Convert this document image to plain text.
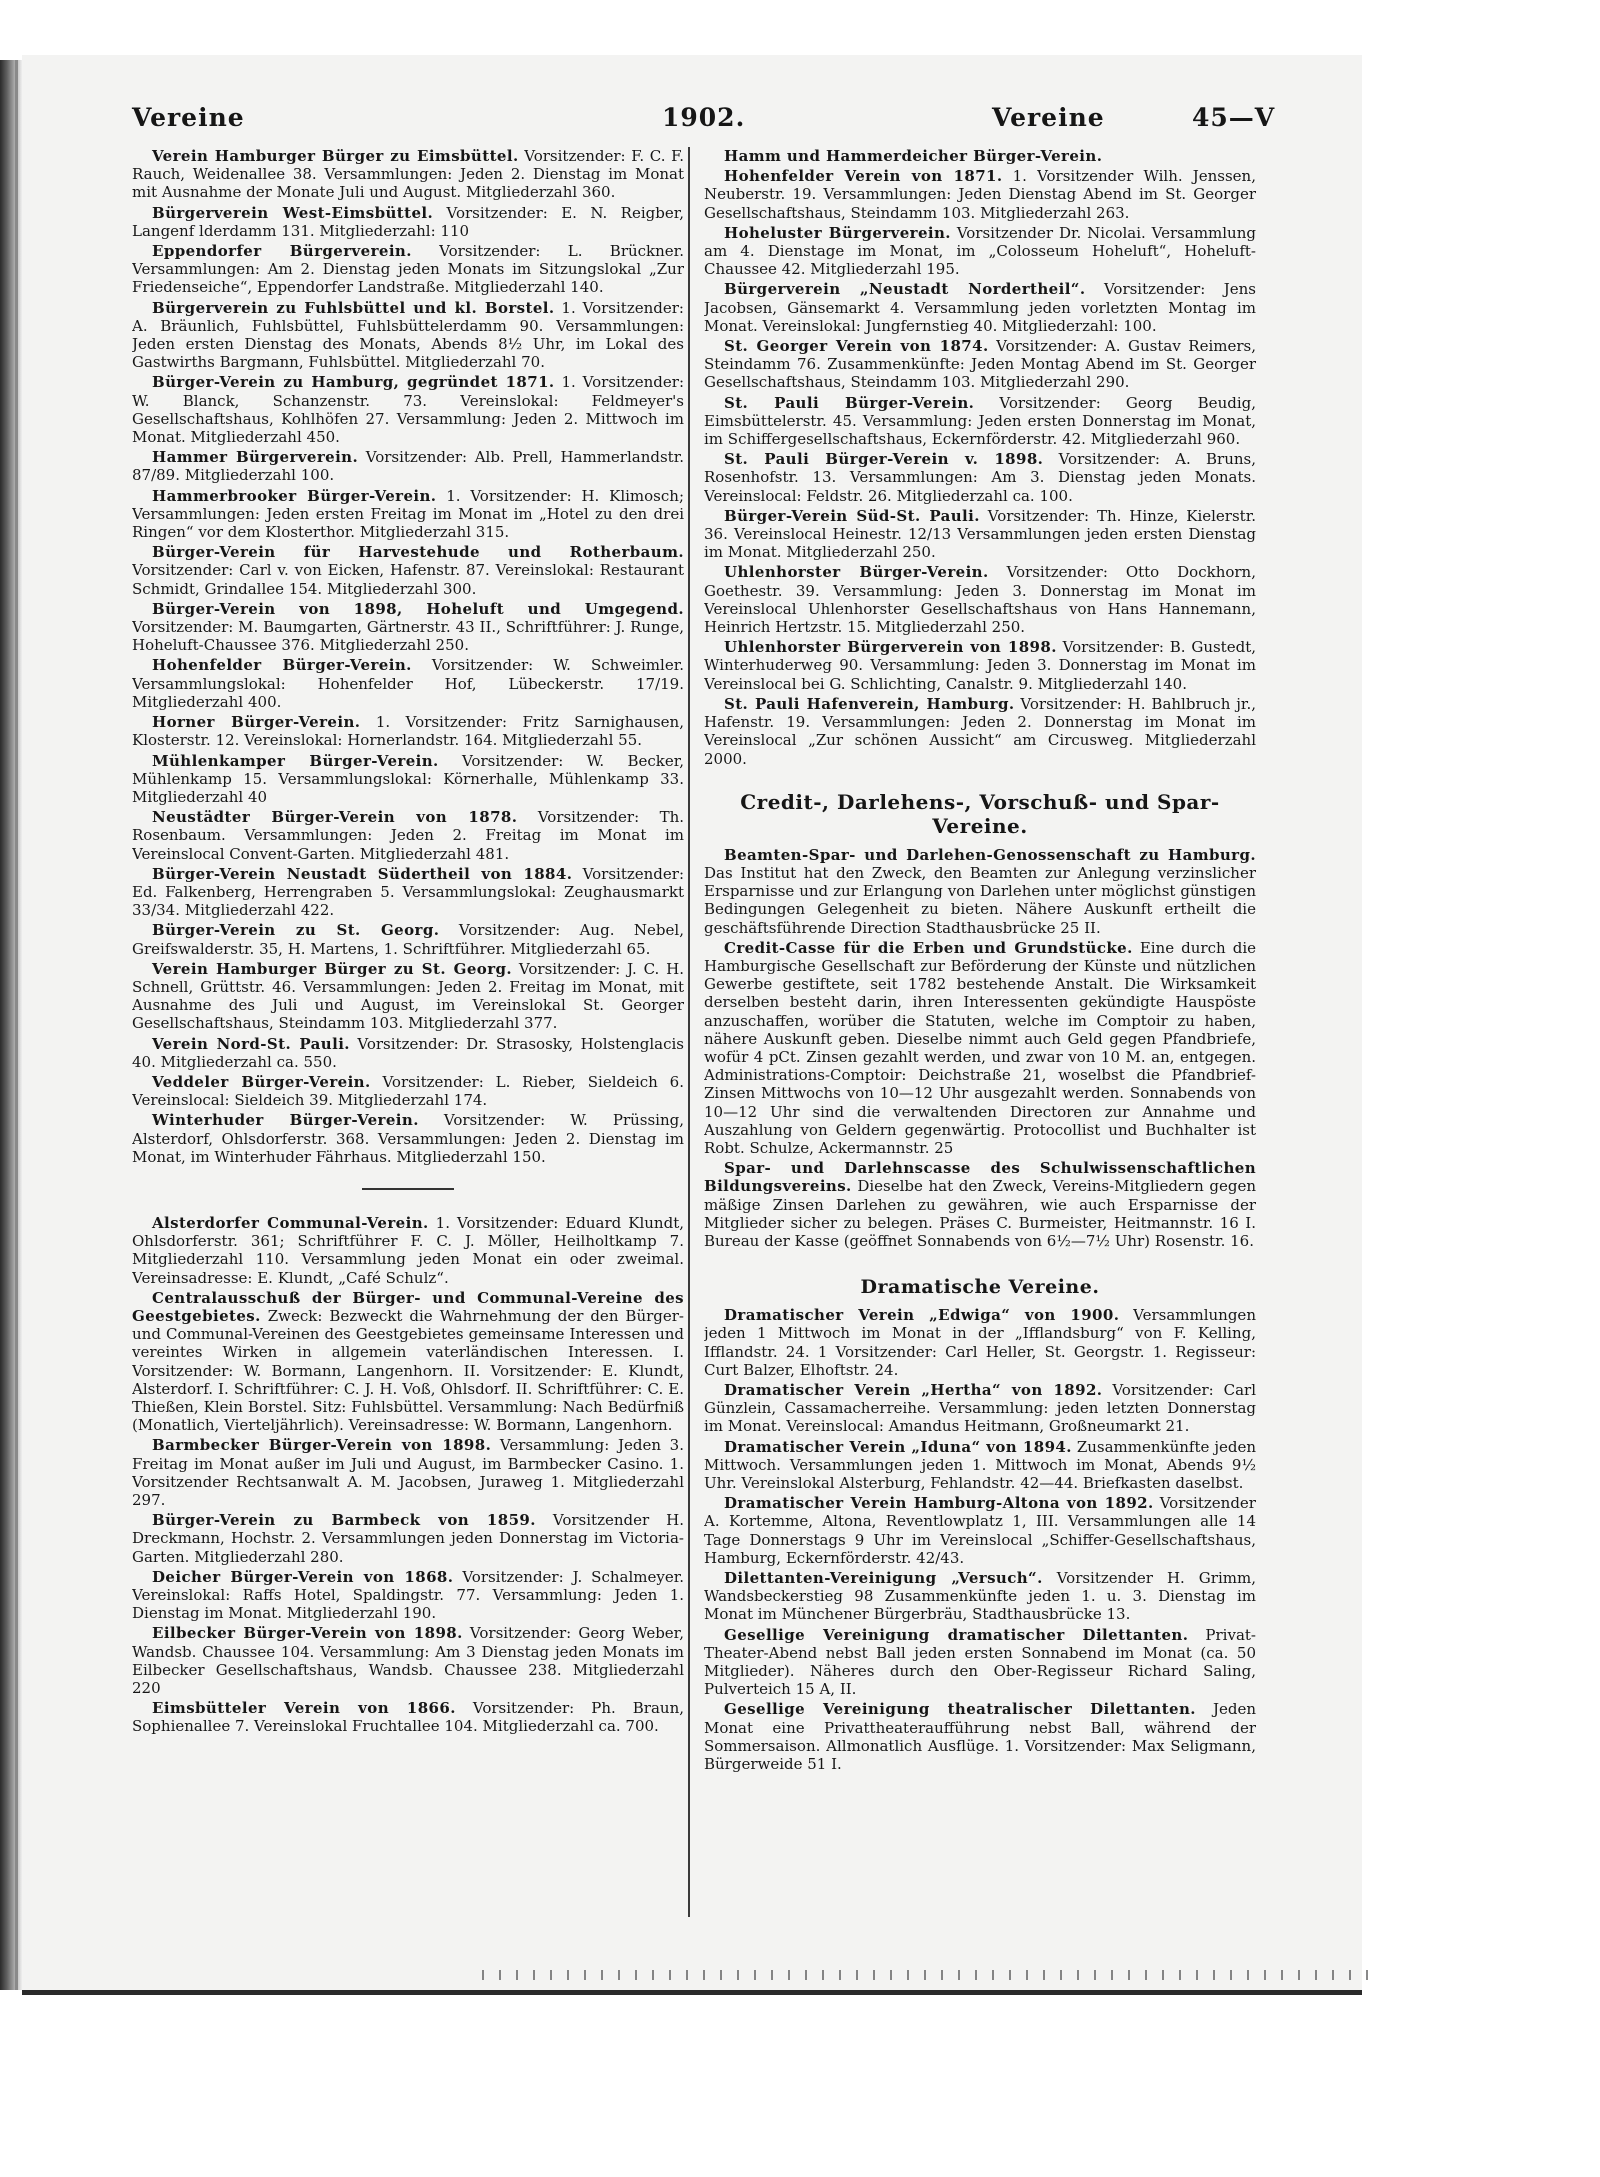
Vereine	1902.	Vereine	45—V

Verein Hamburger Bürger zu Eimsbüttel. Vorsitzender: F. C. F. Rauch, Weidenallee 38. Versammlungen: Jeden 2. Dienstag im Monat mit Ausnahme der Monate Juli und August. Mitgliederzahl 360.

Bürgerverein West-Eimsbüttel. Vorsitzender: E. N. Reigber, Langenf lderdamm 131. Mitgliederzahl: 110

Eppendorfer Bürgerverein. Vorsitzender: L. Brückner. Versammlungen: Am 2. Dienstag jeden Monats im Sitzungslokal „Zur Friedenseiche“, Eppendorfer Landstraße. Mitgliederzahl 140.

Bürgerverein zu Fuhlsbüttel und kl. Borstel. 1. Vorsitzender: A. Bräunlich, Fuhlsbüttel, Fuhlsbüttelerdamm 90. Versammlungen: Jeden ersten Dienstag des Monats, Abends 8½ Uhr, im Lokal des Gastwirths Bargmann, Fuhlsbüttel. Mitgliederzahl 70.

Bürger-Verein zu Hamburg, gegründet 1871. 1. Vorsitzender: W. Blanck, Schanzenstr. 73. Vereinslokal: Feldmeyer's Gesellschaftshaus, Kohlhöfen 27. Versammlung: Jeden 2. Mittwoch im Monat. Mitgliederzahl 450.

Hammer Bürgerverein. Vorsitzender: Alb. Prell, Hammerlandstr. 87/89. Mitgliederzahl 100.

Hammerbrooker Bürger-Verein. 1. Vorsitzender: H. Klimosch; Versammlungen: Jeden ersten Freitag im Monat im „Hotel zu den drei Ringen“ vor dem Klosterthor. Mitgliederzahl 315.

Bürger-Verein für Harvestehude und Rotherbaum. Vorsitzender: Carl v. von Eicken, Hafenstr. 87. Vereinslokal: Restaurant Schmidt, Grindallee 154. Mitgliederzahl 300.

Bürger-Verein von 1898, Hoheluft und Umgegend. Vorsitzender: M. Baumgarten, Gärtnerstr. 43 II., Schriftführer: J. Runge, Hoheluft-Chaussee 376. Mitgliederzahl 250.

Hohenfelder Bürger-Verein. Vorsitzender: W. Schweimler. Versammlungslokal: Hohenfelder Hof, Lübeckerstr. 17/19. Mitgliederzahl 400.

Horner Bürger-Verein. 1. Vorsitzender: Fritz Sarnighausen, Klosterstr. 12. Vereinslokal: Hornerlandstr. 164. Mitgliederzahl 55.

Mühlenkamper Bürger-Verein. Vorsitzender: W. Becker, Mühlenkamp 15. Versammlungslokal: Körnerhalle, Mühlenkamp 33. Mitgliederzahl 40

Neustädter Bürger-Verein von 1878. Vorsitzender: Th. Rosenbaum. Versammlungen: Jeden 2. Freitag im Monat im Vereinslocal Convent-Garten. Mitgliederzahl 481.

Bürger-Verein Neustadt Südertheil von 1884. Vorsitzender: Ed. Falkenberg, Herrengraben 5. Versammlungslokal: Zeughausmarkt 33/34. Mitgliederzahl 422.

Bürger-Verein zu St. Georg. Vorsitzender: Aug. Nebel, Greifswalderstr. 35, H. Martens, 1. Schriftführer. Mitgliederzahl 65.

Verein Hamburger Bürger zu St. Georg. Vorsitzender: J. C. H. Schnell, Grüttstr. 46. Versammlungen: Jeden 2. Freitag im Monat, mit Ausnahme des Juli und August, im Vereinslokal St. Georger Gesellschaftshaus, Steindamm 103. Mitgliederzahl 377.

Verein Nord-St. Pauli. Vorsitzender: Dr. Strasosky, Holstenglacis 40. Mitgliederzahl ca. 550.

Veddeler Bürger-Verein. Vorsitzender: L. Rieber, Sieldeich 6. Vereinslocal: Sieldeich 39. Mitgliederzahl 174.

Winterhuder Bürger-Verein. Vorsitzender: W. Prüssing, Alsterdorf, Ohlsdorferstr. 368. Versammlungen: Jeden 2. Dienstag im Monat, im Winterhuder Fährhaus. Mitgliederzahl 150.

Alsterdorfer Communal-Verein. 1. Vorsitzender: Eduard Klundt, Ohlsdorferstr. 361; Schriftführer F. C. J. Möller, Heilholtkamp 7. Mitgliederzahl 110. Versammlung jeden Monat ein oder zweimal. Vereinsadresse: E. Klundt, „Café Schulz“.

Centralausschuß der Bürger- und Communal-Vereine des Geestgebietes. Zweck: Bezweckt die Wahrnehmung der den Bürger- und Communal-Vereinen des Geestgebietes gemeinsame Interessen und vereintes Wirken in allgemein vaterländischen Interessen. I. Vorsitzender: W. Bormann, Langenhorn. II. Vorsitzender: E. Klundt, Alsterdorf. I. Schriftführer: C. J. H. Voß, Ohlsdorf. II. Schriftführer: C. E. Thießen, Klein Borstel. Sitz: Fuhlsbüttel. Versammlung: Nach Bedürfniß (Monatlich, Vierteljährlich). Vereinsadresse: W. Bormann, Langenhorn.

Barmbecker Bürger-Verein von 1898. Versammlung: Jeden 3. Freitag im Monat außer im Juli und August, im Barmbecker Casino. 1. Vorsitzender Rechtsanwalt A. M. Jacobsen, Juraweg 1. Mitgliederzahl 297.

Bürger-Verein zu Barmbeck von 1859. Vorsitzender H. Dreckmann, Hochstr. 2. Versammlungen jeden Donnerstag im Victoria-Garten. Mitgliederzahl 280.

Deicher Bürger-Verein von 1868. Vorsitzender: J. Schalmeyer. Vereinslokal: Raffs Hotel, Spaldingstr. 77. Versammlung: Jeden 1. Dienstag im Monat. Mitgliederzahl 190.

Eilbecker Bürger-Verein von 1898. Vorsitzender: Georg Weber, Wandsb. Chaussee 104. Versammlung: Am 3 Dienstag jeden Monats im Eilbecker Gesellschaftshaus, Wandsb. Chaussee 238. Mitgliederzahl 220

Eimsbütteler Verein von 1866. Vorsitzender: Ph. Braun, Sophienallee 7. Vereinslokal Fruchtallee 104. Mitgliederzahl ca. 700.

Hamm und Hammerdeicher Bürger-Verein.

Hohenfelder Verein von 1871. 1. Vorsitzender Wilh. Jenssen, Neuberstr. 19. Versammlungen: Jeden Dienstag Abend im St. Georger Gesellschaftshaus, Steindamm 103. Mitgliederzahl 263.

Hoheluster Bürgerverein. Vorsitzender Dr. Nicolai. Versammlung am 4. Dienstage im Monat, im „Colosseum Hoheluft“, Hoheluft-Chaussee 42. Mitgliederzahl 195.

Bürgerverein „Neustadt Nordertheil“. Vorsitzender: Jens Jacobsen, Gänsemarkt 4. Versammlung jeden vorletzten Montag im Monat. Vereinslokal: Jungfernstieg 40. Mitgliederzahl: 100.

St. Georger Verein von 1874. Vorsitzender: A. Gustav Reimers, Steindamm 76. Zusammenkünfte: Jeden Montag Abend im St. Georger Gesellschaftshaus, Steindamm 103. Mitgliederzahl 290.

St. Pauli Bürger-Verein. Vorsitzender: Georg Beudig, Eimsbüttelerstr. 45. Versammlung: Jeden ersten Donnerstag im Monat, im Schiffergesellschaftshaus, Eckernförderstr. 42. Mitgliederzahl 960.

St. Pauli Bürger-Verein v. 1898. Vorsitzender: A. Bruns, Rosenhofstr. 13. Versammlungen: Am 3. Dienstag jeden Monats. Vereinslocal: Feldstr. 26. Mitgliederzahl ca. 100.

Bürger-Verein Süd-St. Pauli. Vorsitzender: Th. Hinze, Kielerstr. 36. Vereinslocal Heinestr. 12/13 Versammlungen jeden ersten Dienstag im Monat. Mitgliederzahl 250.

Uhlenhorster Bürger-Verein. Vorsitzender: Otto Dockhorn, Goethestr. 39. Versammlung: Jeden 3. Donnerstag im Monat im Vereinslocal Uhlenhorster Gesellschaftshaus von Hans Hannemann, Heinrich Hertzstr. 15. Mitgliederzahl 250.

Uhlenhorster Bürgerverein von 1898. Vorsitzender: B. Gustedt, Winterhuderweg 90. Versammlung: Jeden 3. Donnerstag im Monat im Vereinslocal bei G. Schlichting, Canalstr. 9. Mitgliederzahl 140.

St. Pauli Hafenverein, Hamburg. Vorsitzender: H. Bahlbruch jr., Hafenstr. 19. Versammlungen: Jeden 2. Donnerstag im Monat im Vereinslocal „Zur schönen Aussicht“ am Circusweg. Mitgliederzahl 2000.

Credit-, Darlehens-, Vorschuß- und Spar-Vereine.

Beamten-Spar- und Darlehen-Genossenschaft zu Hamburg. Das Institut hat den Zweck, den Beamten zur Anlegung verzinslicher Ersparnisse und zur Erlangung von Darlehen unter möglichst günstigen Bedingungen Gelegenheit zu bieten. Nähere Auskunft ertheilt die geschäftsführende Direction Stadthausbrücke 25 II.

Credit-Casse für die Erben und Grundstücke. Eine durch die Hamburgische Gesellschaft zur Beförderung der Künste und nützlichen Gewerbe gestiftete, seit 1782 bestehende Anstalt. Die Wirksamkeit derselben besteht darin, ihren Interessenten gekündigte Hauspöste anzuschaffen, worüber die Statuten, welche im Comptoir zu haben, nähere Auskunft geben. Dieselbe nimmt auch Geld gegen Pfandbriefe, wofür 4 pCt. Zinsen gezahlt werden, und zwar von 10 M. an, entgegen. Administrations-Comptoir: Deichstraße 21, woselbst die Pfandbrief-Zinsen Mittwochs von 10—12 Uhr ausgezahlt werden. Sonnabends von 10—12 Uhr sind die verwaltenden Directoren zur Annahme und Auszahlung von Geldern gegenwärtig. Protocollist und Buchhalter ist Robt. Schulze, Ackermannstr. 25

Spar- und Darlehnscasse des Schulwissenschaftlichen Bildungsvereins. Dieselbe hat den Zweck, Vereins-Mitgliedern gegen mäßige Zinsen Darlehen zu gewähren, wie auch Ersparnisse der Mitglieder sicher zu belegen. Präses C. Burmeister, Heitmannstr. 16 I. Bureau der Kasse (geöffnet Sonnabends von 6½—7½ Uhr) Rosenstr. 16.

Dramatische Vereine.

Dramatischer Verein „Edwiga“ von 1900. Versammlungen jeden 1 Mittwoch im Monat in der „Ifflandsburg“ von F. Kelling, Ifflandstr. 24. 1 Vorsitzender: Carl Heller, St. Georgstr. 1. Regisseur: Curt Balzer, Elhoftstr. 24.

Dramatischer Verein „Hertha“ von 1892. Vorsitzender: Carl Günzlein, Cassamacherreihe. Versammlung: jeden letzten Donnerstag im Monat. Vereinslocal: Amandus Heitmann, Großneumarkt 21.

Dramatischer Verein „Iduna“ von 1894. Zusammenkünfte jeden Mittwoch. Versammlungen jeden 1. Mittwoch im Monat, Abends 9½ Uhr. Vereinslokal Alsterburg, Fehlandstr. 42—44. Briefkasten daselbst.

Dramatischer Verein Hamburg-Altona von 1892. Vorsitzender A. Kortemme, Altona, Reventlowplatz 1, III. Versammlungen alle 14 Tage Donnerstags 9 Uhr im Vereinslocal „Schiffer-Gesellschaftshaus, Hamburg, Eckernförderstr. 42/43.

Dilettanten-Vereinigung „Versuch“. Vorsitzender H. Grimm, Wandsbeckerstieg 98 Zusammenkünfte jeden 1. u. 3. Dienstag im Monat im Münchener Bürgerbräu, Stadthausbrücke 13.

Gesellige Vereinigung dramatischer Dilettanten. Privat-Theater-Abend nebst Ball jeden ersten Sonnabend im Monat (ca. 50 Mitglieder). Näheres durch den Ober-Regisseur Richard Saling, Pulverteich 15 A, II.

Gesellige Vereinigung theatralischer Dilettanten. Jeden Monat eine Privattheateraufführung nebst Ball, während der Sommersaison. Allmonatlich Ausflüge. 1. Vorsitzender: Max Seligmann, Bürgerweide 51 I.
